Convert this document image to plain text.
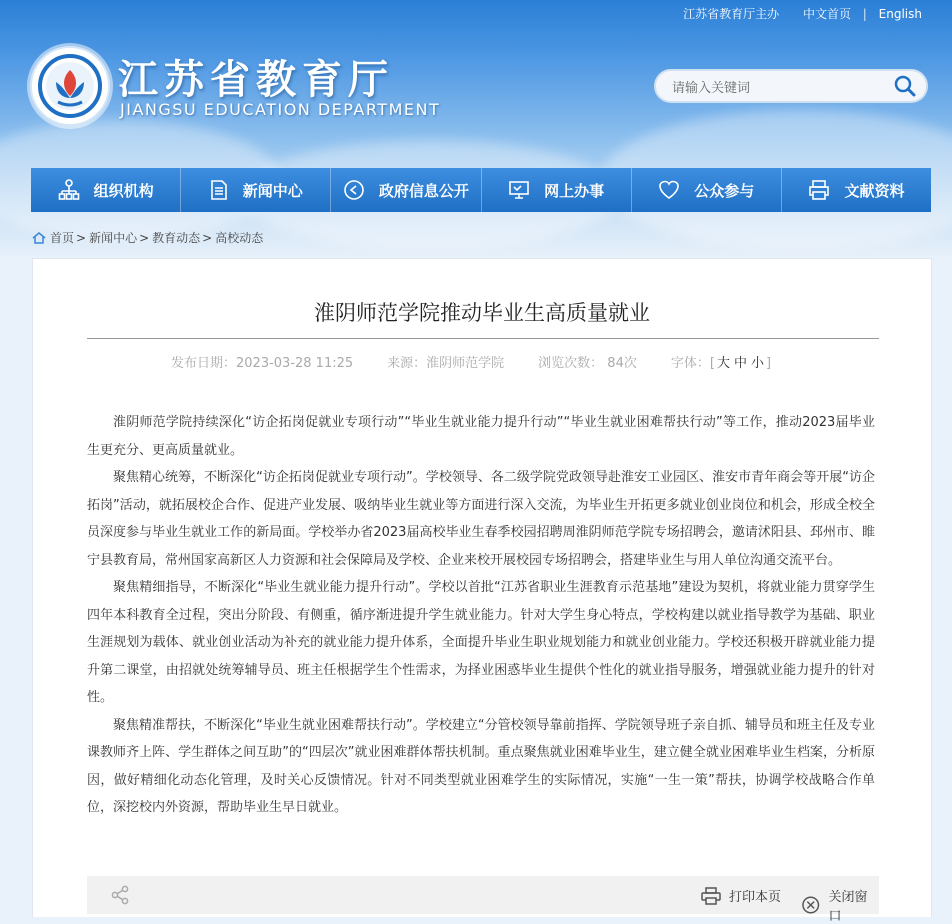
江苏省教育厅主办 中文首页 | English
江苏省教育厅
JIANGSU EDUCATION DEPARTMENT
请输入关键词
组织机构	新闻中心	政府信息公开	网上办事	公众参与	文献资料
首页 > 新闻中心 > 教育动态 > 高校动态
淮阴师范学院推动毕业生高质量就业
发布日期：2023-03-28 11:25	来源：淮阴师范学院	浏览次数： 84次	字体：[ 大 中 小 ]

淮阴师范学院持续深化“访企拓岗促就业专项行动”“毕业生就业能力提升行动”“毕业生就业困难帮扶行动”等工作，推动2023届毕业生更充分、更高质量就业。

聚焦精心统筹，不断深化“访企拓岗促就业专项行动”。学校领导、各二级学院党政领导赴淮安工业园区、淮安市青年商会等开展“访企拓岗”活动，就拓展校企合作、促进产业发展、吸纳毕业生就业等方面进行深入交流，为毕业生开拓更多就业创业岗位和机会，形成全校全员深度参与毕业生就业工作的新局面。学校举办省2023届高校毕业生春季校园招聘周淮阴师范学院专场招聘会，邀请沭阳县、邳州市、睢宁县教育局，常州国家高新区人力资源和社会保障局及学校、企业来校开展校园专场招聘会，搭建毕业生与用人单位沟通交流平台。

聚焦精细指导，不断深化“毕业生就业能力提升行动”。学校以首批“江苏省职业生涯教育示范基地”建设为契机，将就业能力贯穿学生四年本科教育全过程，突出分阶段、有侧重，循序渐进提升学生就业能力。针对大学生身心特点，学校构建以就业指导教学为基础、职业生涯规划为载体、就业创业活动为补充的就业能力提升体系，全面提升毕业生职业规划能力和就业创业能力。学校还积极开辟就业能力提升第二课堂，由招就处统筹辅导员、班主任根据学生个性需求，为择业困惑毕业生提供个性化的就业指导服务，增强就业能力提升的针对性。

聚焦精准帮扶，不断深化“毕业生就业困难帮扶行动”。学校建立“分管校领导靠前指挥、学院领导班子亲自抓、辅导员和班主任及专业课教师齐上阵、学生群体之间互助”的“四层次”就业困难群体帮扶机制。重点聚焦就业困难毕业生，建立健全就业困难毕业生档案，分析原因，做好精细化动态化管理，及时关心反馈情况。针对不同类型就业困难学生的实际情况，实施“一生一策”帮扶，协调学校战略合作单位，深挖校内外资源，帮助毕业生早日就业。

打印本页	关闭窗口
